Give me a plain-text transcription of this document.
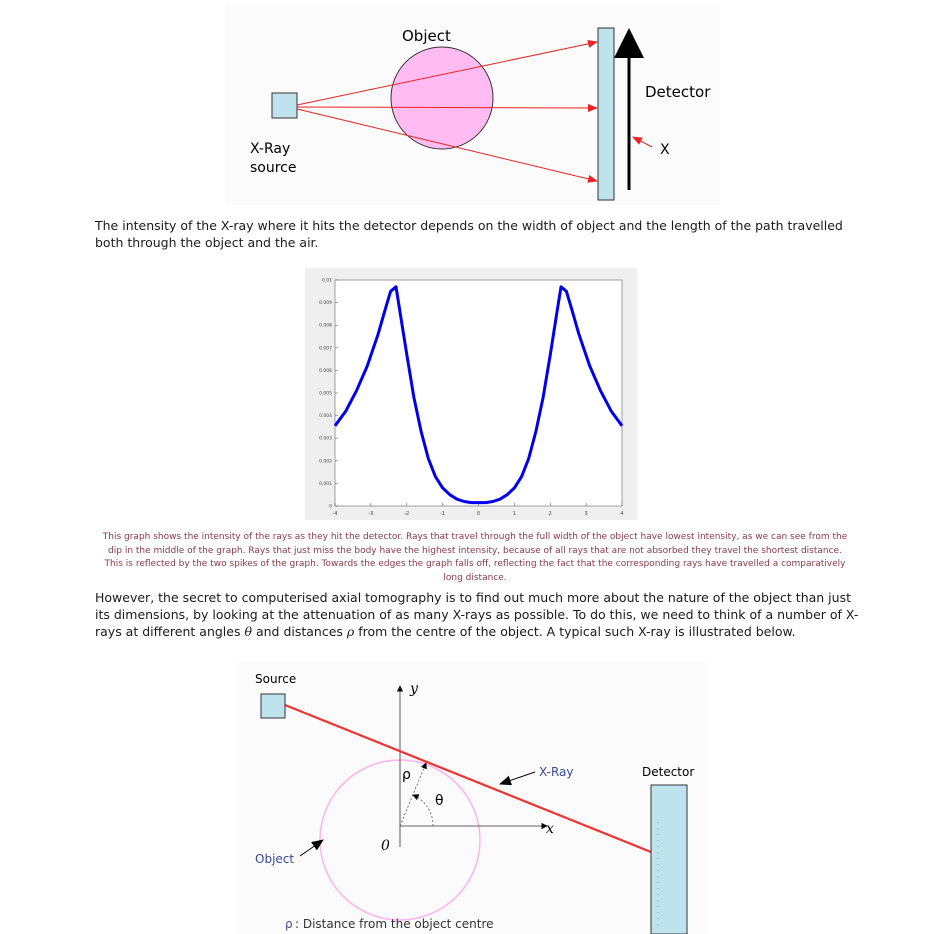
Object
Detector
X-Ray
source
X

The intensity of the X-ray where it hits the detector depends on the width of object and the length of the path travelled both through the object and the air.

-4	-3	-2	-1	0	1	2	3	4
0
0.001
0.002
0.003
0.004
0.005
0.006
0.007
0.008
0.009
0.01

This graph shows the intensity of the rays as they hit the detector. Rays that travel through the full width of the object have lowest intensity, as we can see from the dip in the middle of the graph. Rays that just miss the body have the highest intensity, because of all rays that are not absorbed they travel the shortest distance. This is reflected by the two spikes of the graph. Towards the edges the graph falls off, reflecting the fact that the corresponding rays have travelled a comparatively long distance.

However, the secret to computerised axial tomography is to find out much more about the nature of the object than just its dimensions, by looking at the attenuation of as many X-rays as possible. To do this, we need to think of a number of X-rays at different angles θ and distances ρ from the centre of the object. A typical such X-ray is illustrated below.

Source
y
x
0
ρ
θ
X-Ray	Detector
Object
ρ : Distance from the object centre
